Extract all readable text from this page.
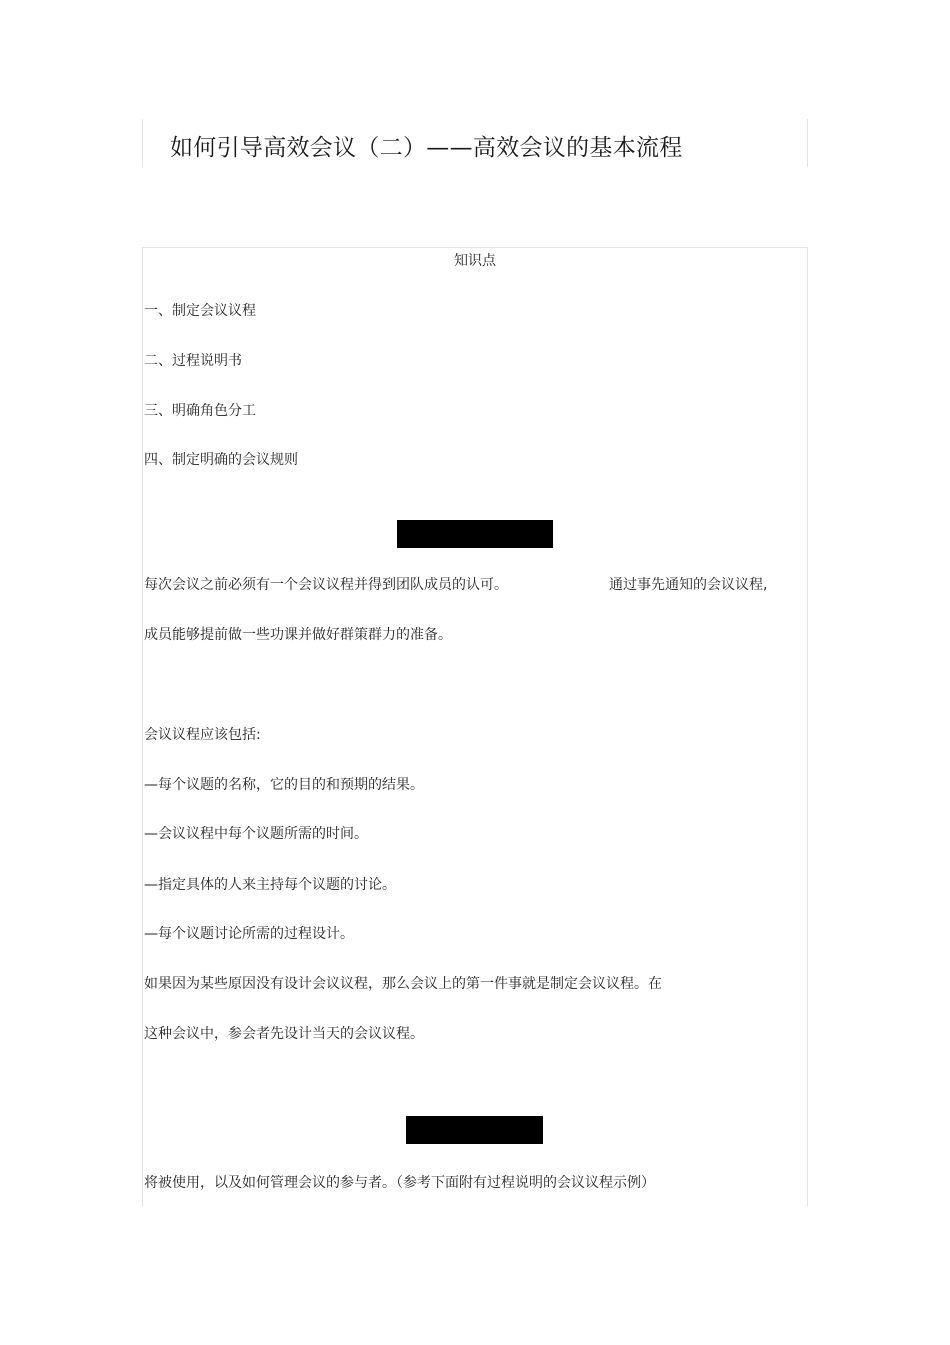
如何引导高效会议（二）——高效会议的基本流程

知识点

一、制定会议议程

二、过程说明书

三、明确角色分工

四、制定明确的会议规则

每次会议之前必须有一个会议议程并得到团队成员的认可。	通过事先通知的会议议程,

成员能够提前做一些功课并做好群策群力的准备。

会议议程应该包括:

—每个议题的名称，它的目的和预期的结果。

—会议议程中每个议题所需的时间。

—指定具体的人来主持每个议题的讨论。

—每个议题讨论所需的过程设计。

如果因为某些原因没有设计会议议程，那么会议上的第一件事就是制定会议议程。在

这种会议中，参会者先设计当天的会议议程。

将被使用，以及如何管理会议的参与者。（参考下面附有过程说明的会议议程示例）
